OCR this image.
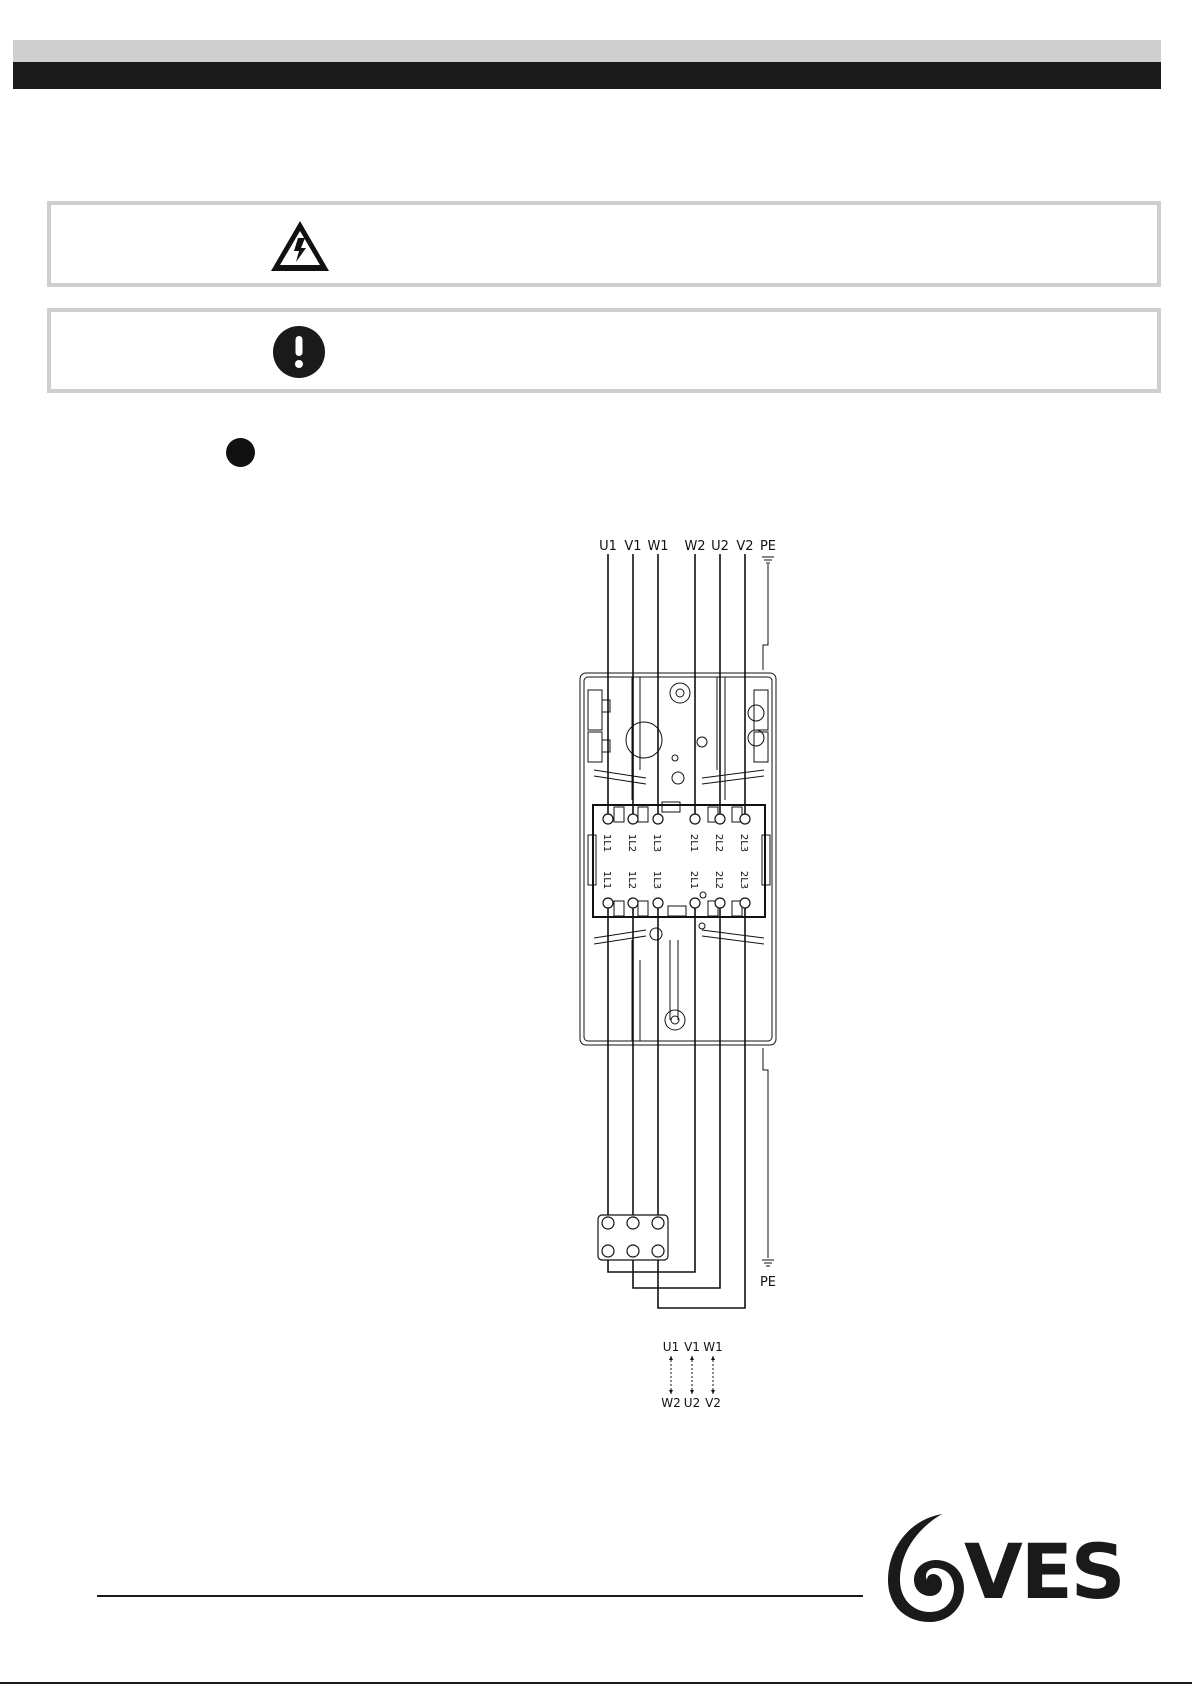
U1 V1 W1 W2 U2 V2 PE
1L1 1L2 1L3	2L1 2L2 2L3
1L1 1L2 1L3	2L1 2L2 2L3
PE
U1 V1 W1
W2 U2 V2
VES
